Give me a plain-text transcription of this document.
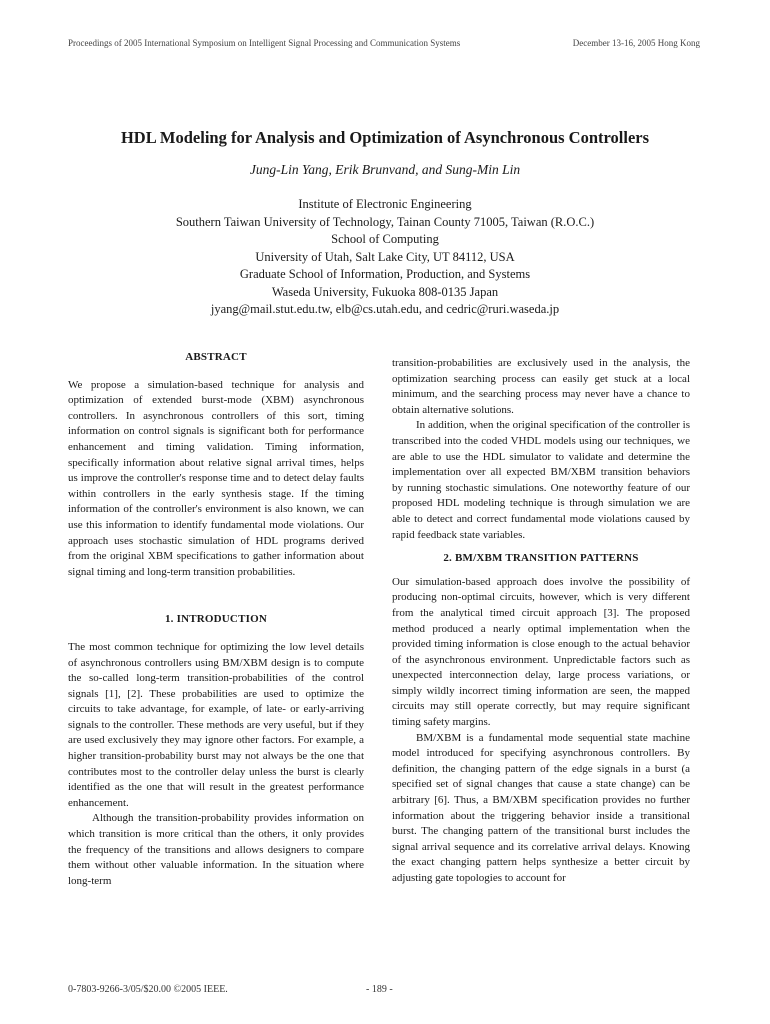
Proceedings of 2005 International Symposium on Intelligent Signal Processing and Communication Systems	December 13-16, 2005 Hong Kong
HDL Modeling for Analysis and Optimization of Asynchronous Controllers
Jung-Lin Yang, Erik Brunvand, and Sung-Min Lin
Institute of Electronic Engineering
Southern Taiwan University of Technology, Tainan County 71005, Taiwan (R.O.C.)
School of Computing
University of Utah, Salt Lake City, UT 84112, USA
Graduate School of Information, Production, and Systems
Waseda University, Fukuoka 808-0135 Japan
jyang@mail.stut.edu.tw, elb@cs.utah.edu, and cedric@ruri.waseda.jp
ABSTRACT

We propose a simulation-based technique for analysis and optimization of extended burst-mode (XBM) asynchronous controllers. In asynchronous controllers of this sort, timing information on control signals is significant both for performance enhancement and timing validation. Timing information, specifically information about relative signal arrival times, helps us improve the controller's response time and to detect delay faults within controllers in the early synthesis stage. If the timing information of the controller's environment is also known, we can use this information to identify fundamental mode violations. Our approach uses stochastic simulation of HDL programs derived from the original XBM specifications to gather information about signal timing and long-term transition probabilities.

1. INTRODUCTION

The most common technique for optimizing the low level details of asynchronous controllers using BM/XBM design is to compute the so-called long-term transition-probabilities of the control signals [1], [2]. These probabilities are used to optimize the circuits to take advantage, for example, of late- or early-arriving signals to the controller. These methods are very useful, but if they are used exclusively they may ignore other factors. For example, a higher transition-probability burst may not always be the one that contributes most to the controller delay unless the burst is clearly identified as the one that will result in the greatest performance enhancement.

Although the transition-probability provides information on which transition is more critical than the others, it only provides the frequency of the transitions and allows designers to compare them without other valuable information. In the situation where long-term

transition-probabilities are exclusively used in the analysis, the optimization searching process can easily get stuck at a local minimum, and the searching process may never have a chance to obtain alternative solutions.

In addition, when the original specification of the controller is transcribed into the coded VHDL models using our techniques, we are able to use the HDL simulator to validate and determine the implementation over all expected BM/XBM transition behaviors by running stochastic simulations. One noteworthy feature of our proposed HDL modeling technique is through simulation we are able to detect and correct fundamental mode violations caused by rapid feedback state variables.

2. BM/XBM TRANSITION PATTERNS

Our simulation-based approach does involve the possibility of producing non-optimal circuits, however, which is very different from the analytical timed circuit approach [3]. The proposed method produced a nearly optimal implementation when the provided timing information is close enough to the actual behavior of the asynchronous environment. Unpredictable factors such as unexpected interconnection delay, large process variations, or simply wildly incorrect timing information are seen, the mapped circuits may still operate correctly, but may require significant timing safety margins.

BM/XBM is a fundamental mode sequential state machine model introduced for specifying asynchronous controllers. By definition, the changing pattern of the edge signals in a burst (a specified set of signal changes that cause a state change) can be arbitrary [6]. Thus, a BM/XBM specification provides no further information about the triggering behavior inside a transitional burst. The changing pattern of the transitional burst includes the signal arrival sequence and its correlative arrival delays. Knowing the exact changing pattern helps synthesize a better circuit by adjusting gate topologies to account for

0-7803-9266-3/05/$20.00 ©2005 IEEE.	- 189 -
